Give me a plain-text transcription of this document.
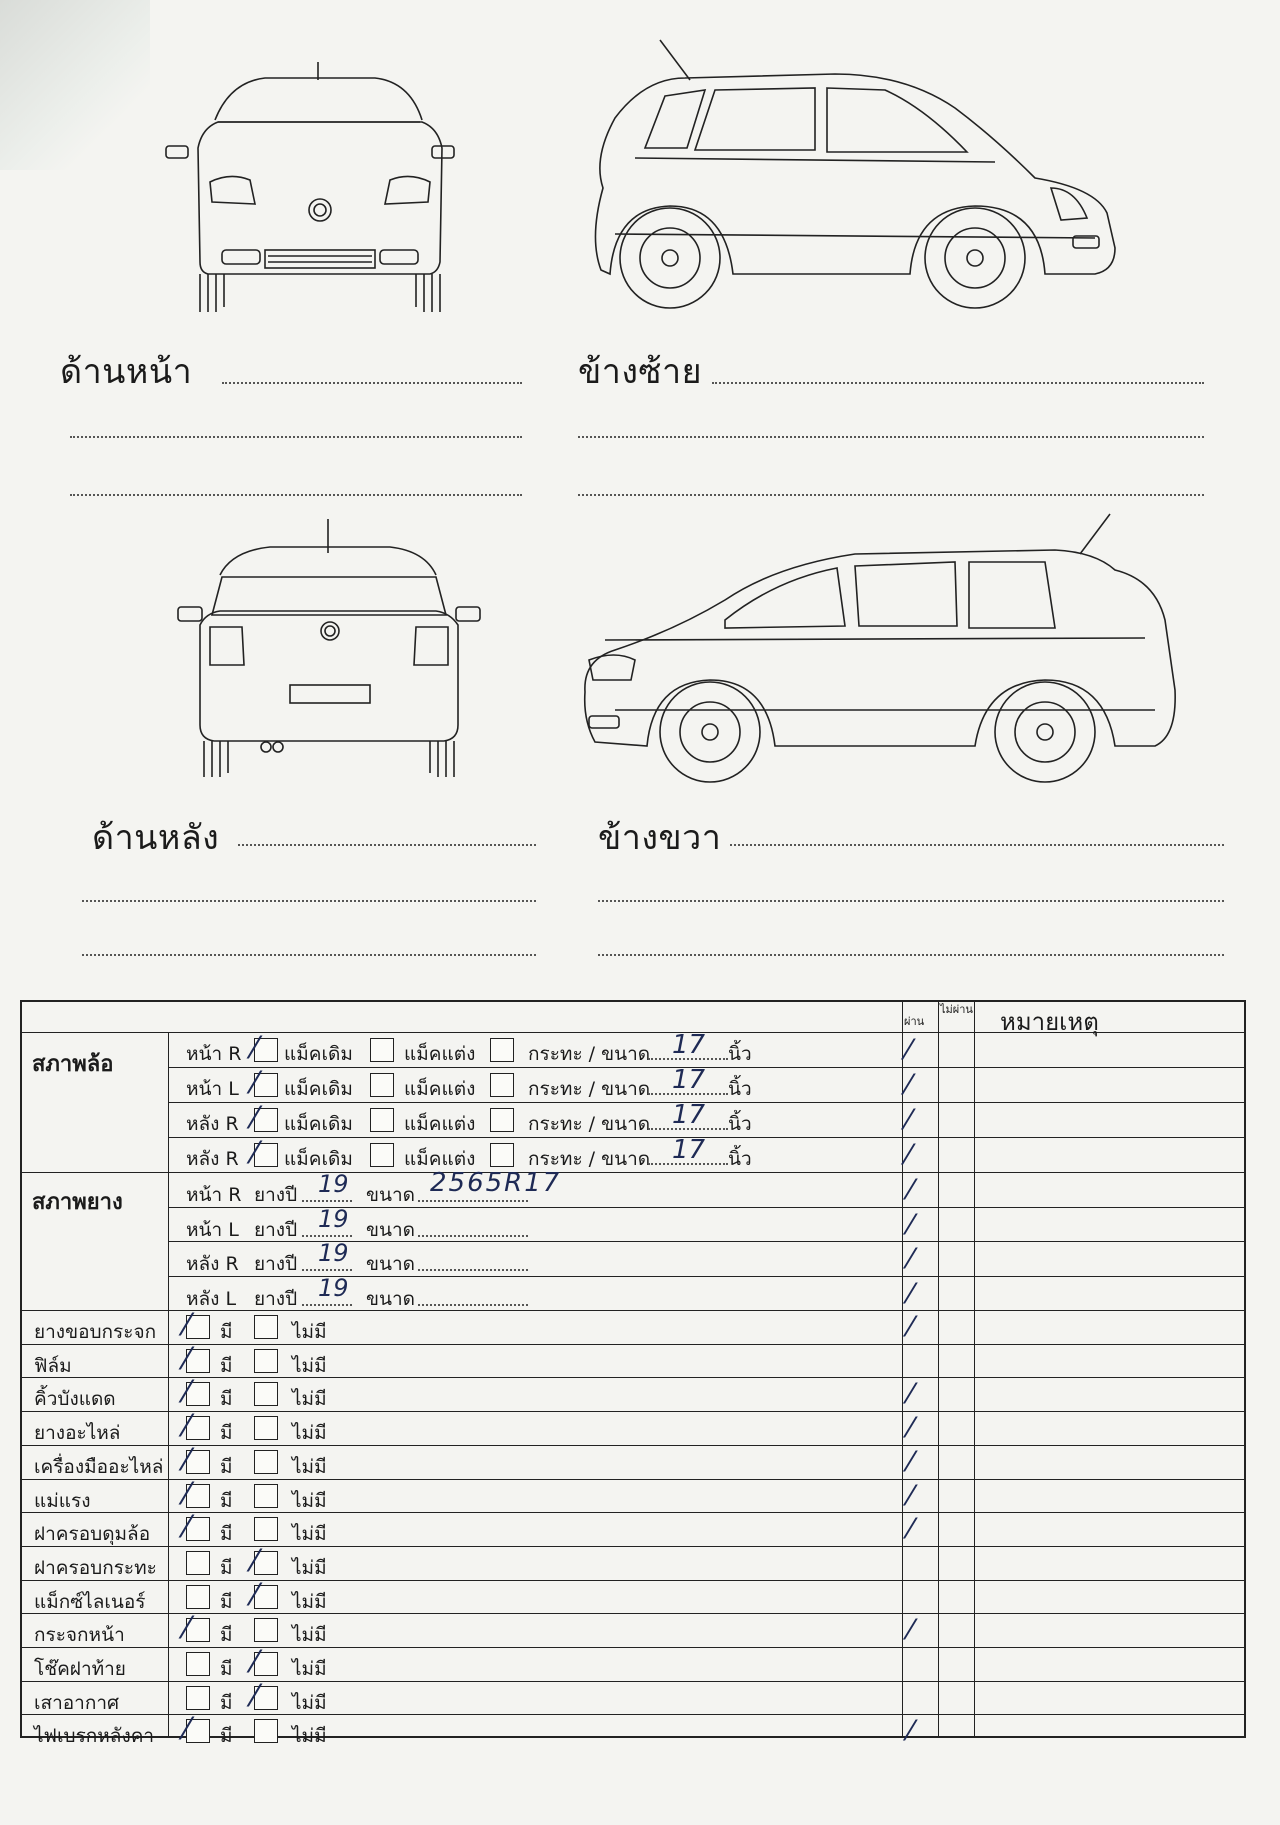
ด้านหน้า	ข้างซ้าย
ด้านหลัง	ข้างขวา
ผ่าน
ไม่ผ่าน หมายเหตุ
สภาพล้อ
สภาพยาง
หน้า R ⁄ แม็คเดิม	แม็คแต่ง	กระทะ / ขนาด 17 นิ้ว	⁄
หน้า L ⁄ แม็คเดิม	แม็คแต่ง	กระทะ / ขนาด 17 นิ้ว	⁄
หลัง R ⁄ แม็คเดิม	แม็คแต่ง	กระทะ / ขนาด 17 นิ้ว	⁄
หลัง R ⁄ แม็คเดิม	แม็คแต่ง	กระทะ / ขนาด 17 นิ้ว	⁄
หน้า R ยางปี 19 ขนาด 2565R17	⁄
หน้า L ยางปี 19 ขนาด	⁄
หลัง R ยางปี 19 ขนาด	⁄
หลัง L ยางปี 19 ขนาด	⁄
ยางขอบกระจก ⁄ มี	ไม่มี	⁄
ฟิล์ม	⁄ มี	ไม่มี
คิ้วบังแดด ⁄ มี	ไม่มี	⁄
ยางอะไหล่ ⁄ มี	ไม่มี	⁄
เครื่องมืออะไหล่ ⁄ มี	ไม่มี	⁄
แม่แรง	⁄ มี	ไม่มี	⁄
ฝาครอบดุมล้อ ⁄ มี	ไม่มี	⁄
ฝาครอบกระทะ	มี ⁄ ไม่มี
แม็กซ์ไลเนอร์	มี ⁄ ไม่มี
กระจกหน้า ⁄ มี	ไม่มี	⁄
โช๊คฝาท้าย	มี ⁄ ไม่มี
เสาอากาศ	มี ⁄ ไม่มี
ไฟเบรกหลังคา ⁄ มี	ไม่มี	⁄
